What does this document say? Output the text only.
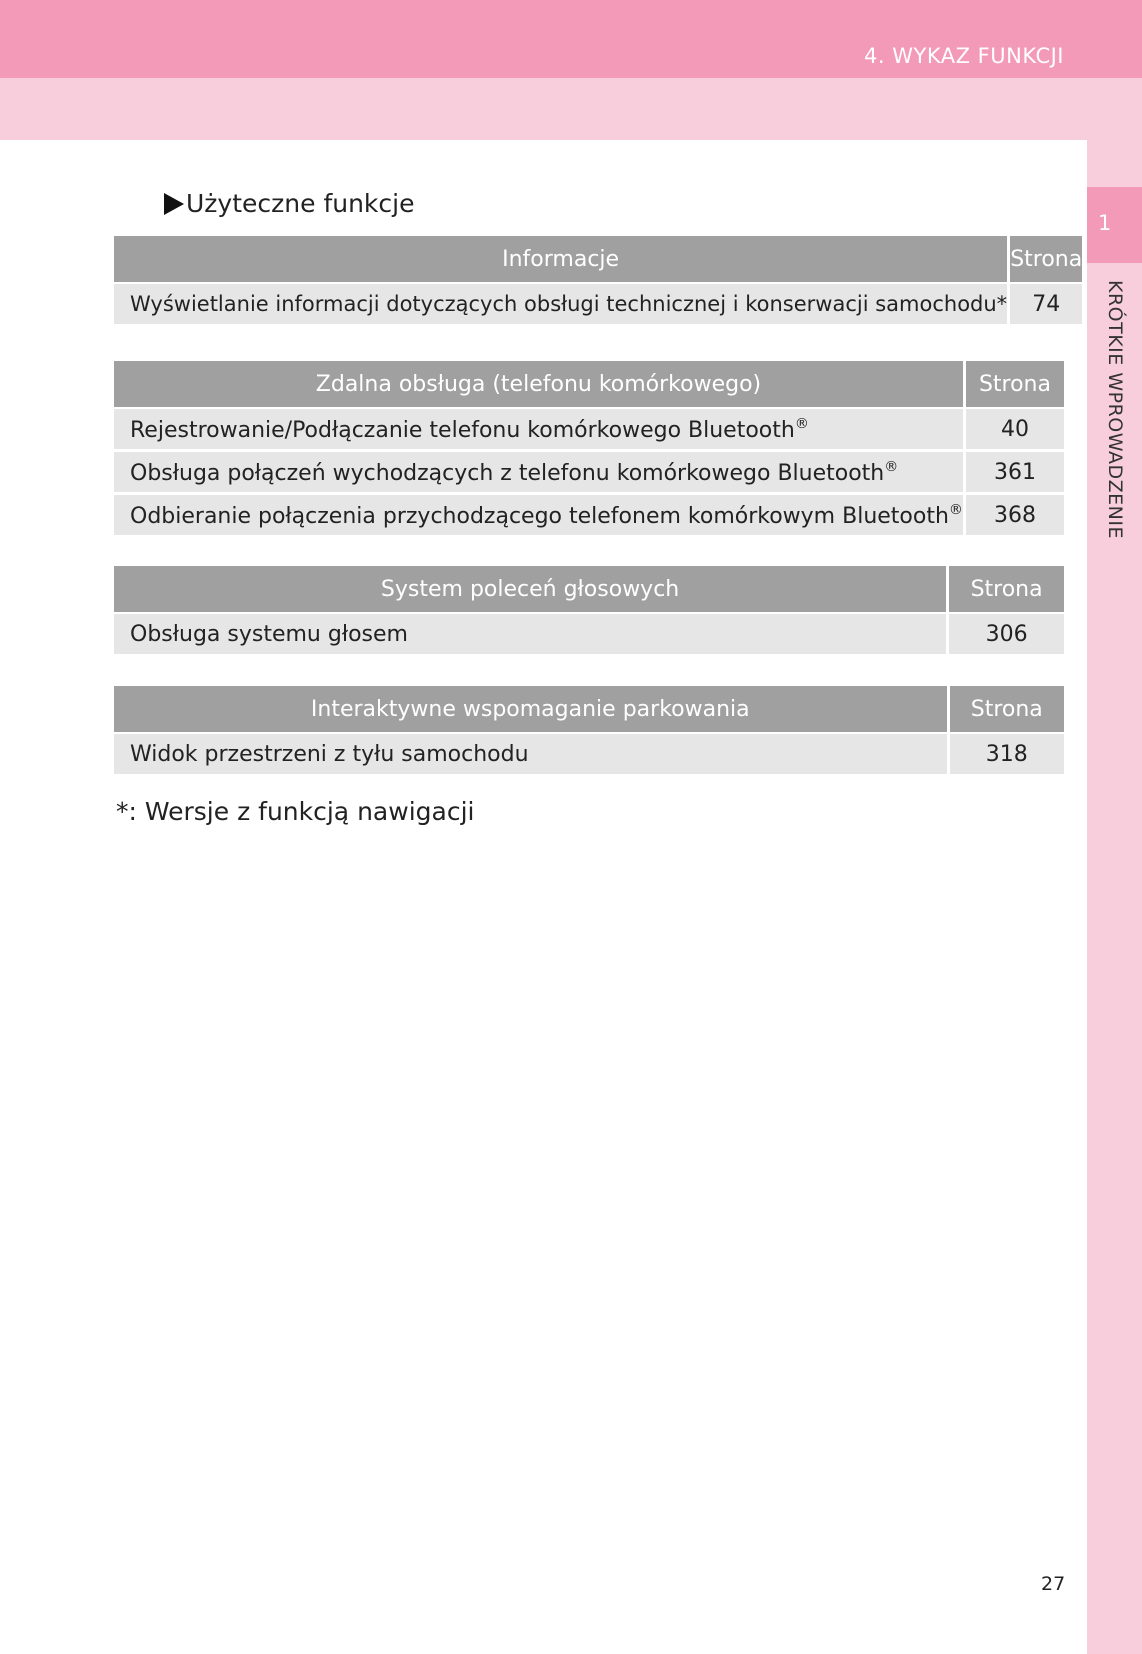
4. WYKAZ FUNKCJI
1
KRÓTKIE WPROWADZENIE
Użyteczne funkcje
Informacje	Strona
Wyświetlanie informacji dotyczących obsługi technicznej i konserwacji samochodu*	74
Zdalna obsługa (telefonu komórkowego)	Strona
Rejestrowanie/Podłączanie telefonu komórkowego Bluetooth®	40
Obsługa połączeń wychodzących z telefonu komórkowego Bluetooth®	361
Odbieranie połączenia przychodzącego telefonem komórkowym Bluetooth®	368
System poleceń głosowych	Strona
Obsługa systemu głosem	306
Interaktywne wspomaganie parkowania	Strona
Widok przestrzeni z tyłu samochodu	318
*: Wersje z funkcją nawigacji
27
